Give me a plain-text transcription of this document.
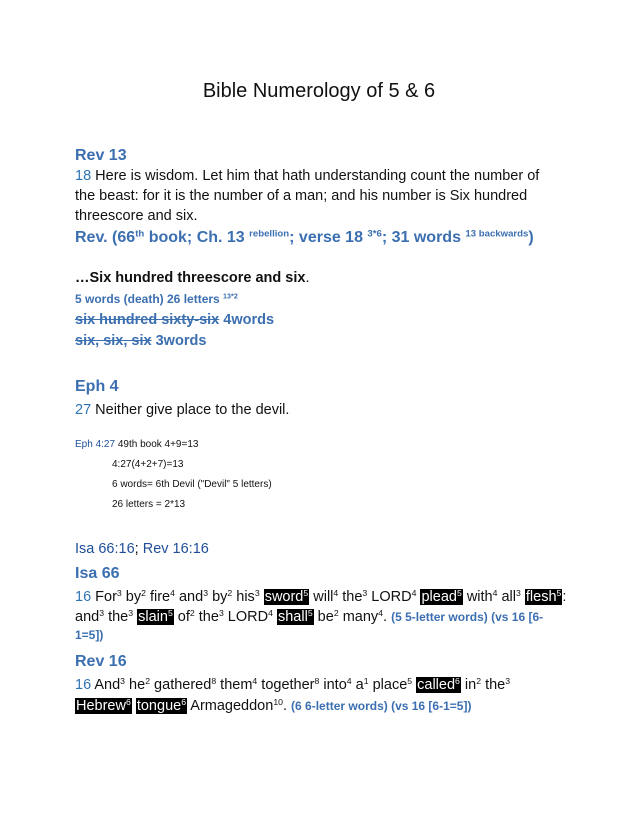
Bible Numerology of 5 & 6
Rev 13
18 Here is wisdom. Let him that hath understanding count the number of
the beast: for it is the number of a man; and his number is Six hundred
threescore and six.
Rev. (66th book; Ch. 13 $^{rebellion}$; verse 18 $^{3*6}$; 31 words $^{13 backwards}$)
…Six hundred threescore and six.
5 words (death) 26 letters $^{13*2}$
six hundred sixty-six 4words
six, six, six 3words
Eph 4
27 Neither give place to the devil.
Eph 4:27 49th book 4+9=13
4:27(4+2+7)=13
6 words= 6th Devil ("Devil" 5 letters)
26 letters = 2*13
Isa 66:16; Rev 16:16
Isa 66
16 For$^3$ $by^2$ fire$^4$ and$^3$ $by^2$ his$^3$ sword$^5$ will$^4$ the$^3$ LORD$^4$ plead$^5$ with$^4$ all$^3$ flesh$^5$:
and$^3$ the$^3$ slain$^5$ $of^2$ the$^3$ LORD$^4$ shall$^5$ $be^2$ many$^4$. (5 5-letter words) (vs 16 [6-
1=5])
Rev 16
16 And$^3$ $he^2$ gathered$^8$ them$^4$ together$^8$ into$^4$ $a^1$ place$^5$ called$^6$ $in^2$ the$^3$
Hebrew$^6$ tongue$^6$ Armageddon$^{10}$. (6 6-letter words) (vs 16 [6-1=5])
